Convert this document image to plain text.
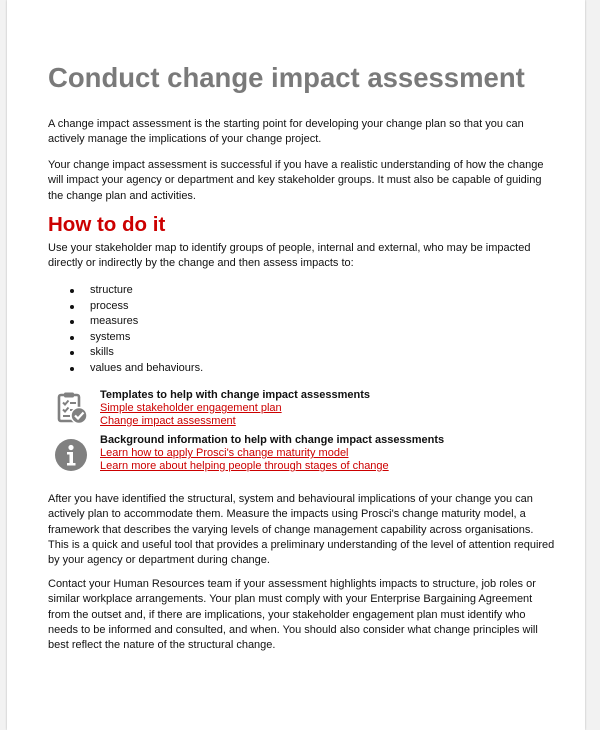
Conduct change impact assessment

A change impact assessment is the starting point for developing your change plan so that you can actively manage the implications of your change project.

Your change impact assessment is successful if you have a realistic understanding of how the change will impact your agency or department and key stakeholder groups. It must also be capable of guiding the change plan and activities.

How to do it

Use your stakeholder map to identify groups of people, internal and external, who may be impacted directly or indirectly by the change and then assess impacts to:

structure
process
measures
systems
skills
values and behaviours.
Templates to help with change impact assessments
Simple stakeholder engagement plan
Change impact assessment
Background information to help with change impact assessments
Learn how to apply Prosci's change maturity model
Learn more about helping people through stages of change

After you have identified the structural, system and behavioural implications of your change you can actively plan to accommodate them. Measure the impacts using Prosci's change maturity model, a framework that describes the varying levels of change management capability across organisations. This is a quick and useful tool that provides a preliminary understanding of the level of attention required by your agency or department during change.

Contact your Human Resources team if your assessment highlights impacts to structure, job roles or similar workplace arrangements. Your plan must comply with your Enterprise Bargaining Agreement from the outset and, if there are implications, your stakeholder engagement plan must identify who needs to be informed and consulted, and when. You should also consider what change principles will best reflect the nature of the structural change.
